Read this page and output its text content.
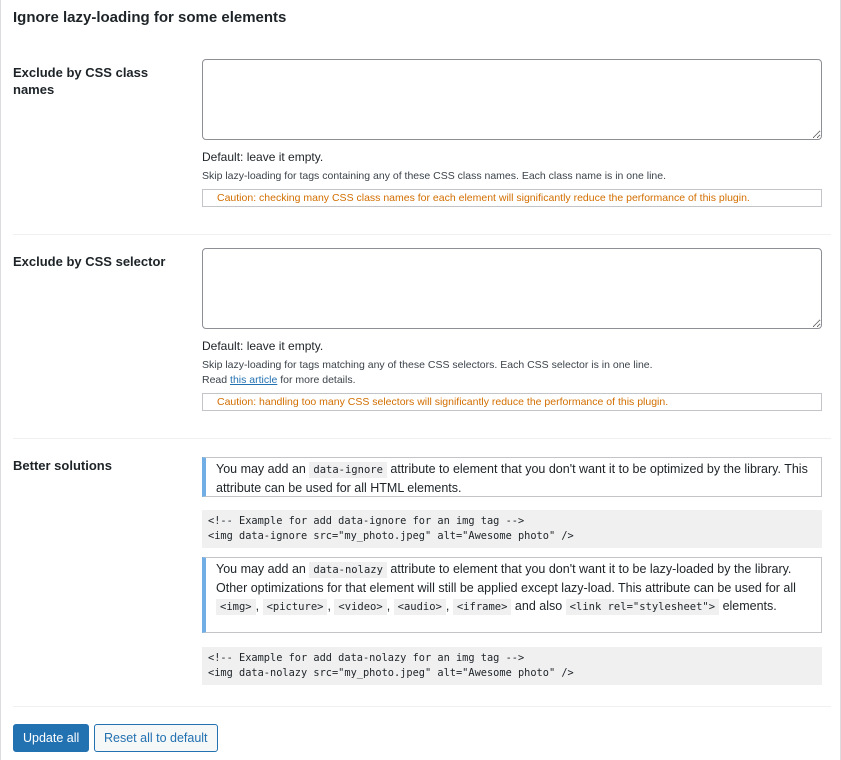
Ignore lazy-loading for some elements
Exclude by CSS class names
Default: leave it empty.
Skip lazy-loading for tags containing any of these CSS class names. Each class name is in one line.
Caution: checking many CSS class names for each element will significantly reduce the performance of this plugin.
Exclude by CSS selector
Default: leave it empty.
Skip lazy-loading for tags matching any of these CSS selectors. Each CSS selector is in one line.
Read this article for more details.
Caution: handling too many CSS selectors will significantly reduce the performance of this plugin.
Better solutions	You may add an data-ignore attribute to element that you don't want it to be optimized by the library. This attribute can be used for all HTML elements.
<!-- Example for add data-ignore for an img tag -->
<img data-ignore src="my_photo.jpeg" alt="Awesome photo" />
You may add an data-nolazy attribute to element that you don't want it to be lazy-loaded by the library. Other optimizations for that element will still be applied except lazy-load. This attribute can be used for all <img> , <picture> , <video> , <audio> , <iframe> and also <link rel="stylesheet"> elements.
<!-- Example for add data-nolazy for an img tag -->
<img data-nolazy src="my_photo.jpeg" alt="Awesome photo" />
Update all	Reset all to default
